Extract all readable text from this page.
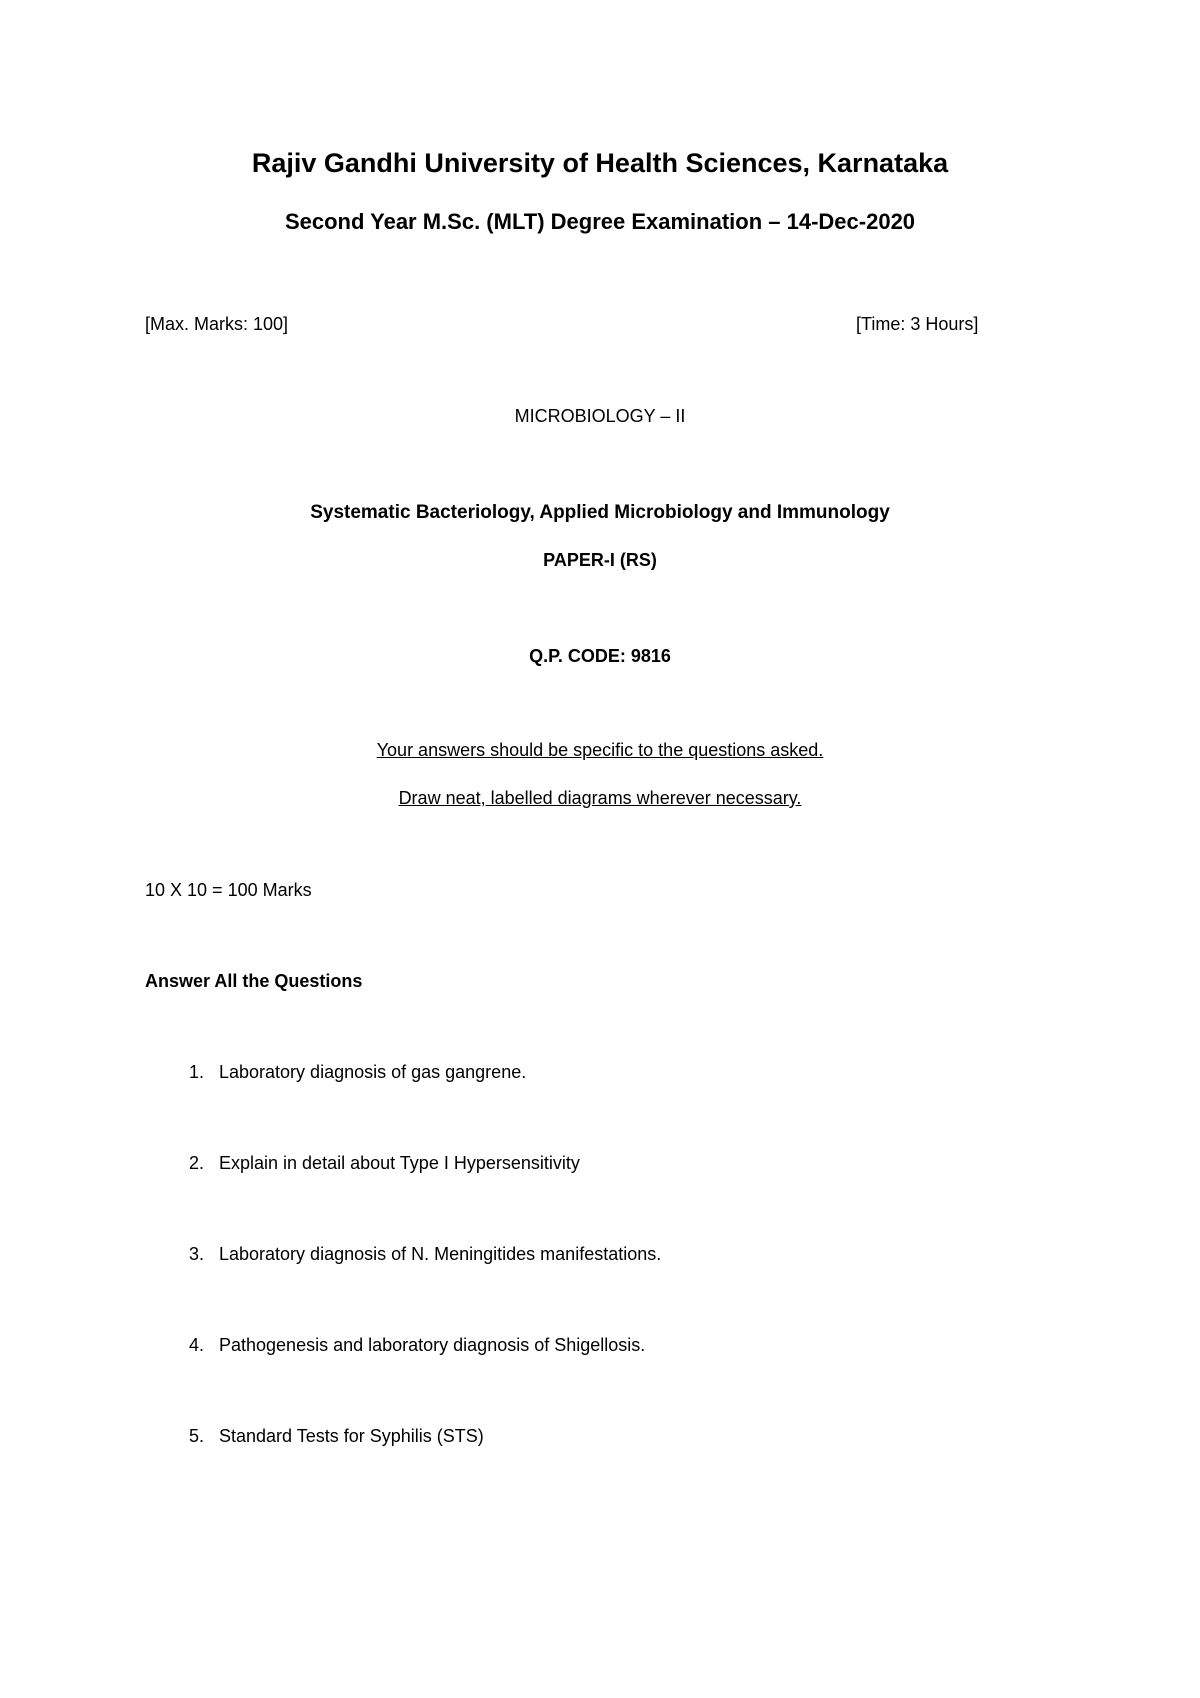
Rajiv Gandhi University of Health Sciences, Karnataka
Second Year M.Sc. (MLT) Degree Examination – 14-Dec-2020
[Max. Marks: 100]	[Time: 3 Hours]
MICROBIOLOGY – II
Systematic Bacteriology, Applied Microbiology and Immunology
PAPER-I (RS)
Q.P. CODE: 9816
Your answers should be specific to the questions asked.
Draw neat, labelled diagrams wherever necessary.
10 X 10 = 100 Marks
Answer All the Questions
1. Laboratory diagnosis of gas gangrene.
2. Explain in detail about Type I Hypersensitivity
3. Laboratory diagnosis of N. Meningitides manifestations.
4. Pathogenesis and laboratory diagnosis of Shigellosis.
5. Standard Tests for Syphilis (STS)
